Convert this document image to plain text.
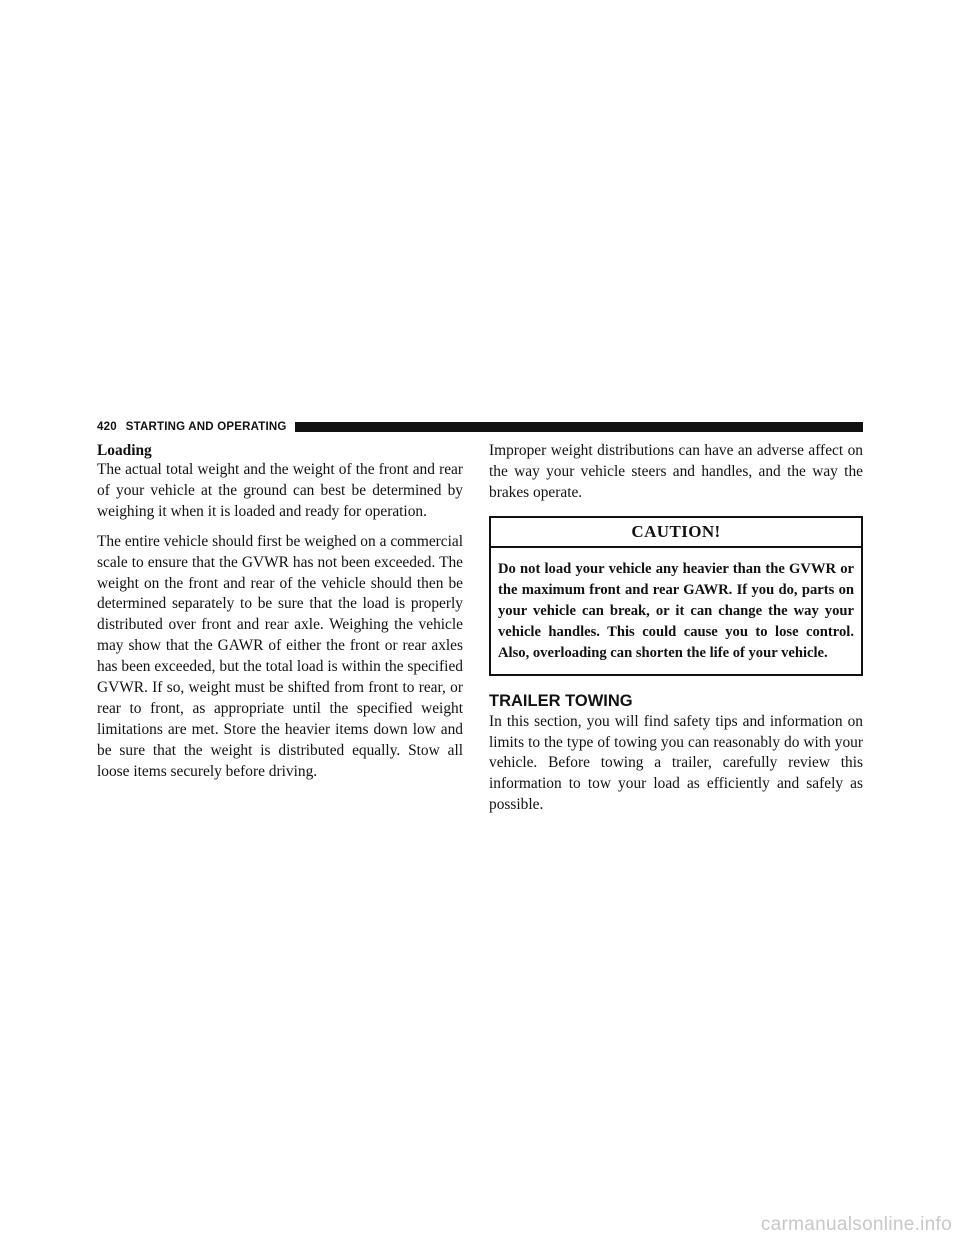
420 STARTING AND OPERATING
Loading

The actual total weight and the weight of the front and rear of your vehicle at the ground can best be determined by weighing it when it is loaded and ready for operation.

The entire vehicle should first be weighed on a commercial scale to ensure that the GVWR has not been exceeded. The weight on the front and rear of the vehicle should then be determined separately to be sure that the load is properly distributed over front and rear axle. Weighing the vehicle may show that the GAWR of either the front or rear axles has been exceeded, but the total load is within the specified GVWR. If so, weight must be shifted from front to rear, or rear to front, as appropriate until the specified weight limitations are met. Store the heavier items down low and be sure that the weight is distributed equally. Stow all loose items securely before driving.

Improper weight distributions can have an adverse affect on the way your vehicle steers and handles, and the way the brakes operate.

CAUTION!
Do not load your vehicle any heavier than the GVWR or the maximum front and rear GAWR. If you do, parts on your vehicle can break, or it can change the way your vehicle handles. This could cause you to lose control. Also, overloading can shorten the life of your vehicle.
TRAILER TOWING

In this section, you will find safety tips and information on limits to the type of towing you can reasonably do with your vehicle. Before towing a trailer, carefully review this information to tow your load as efficiently and safely as possible.

carmanualsonline.info
